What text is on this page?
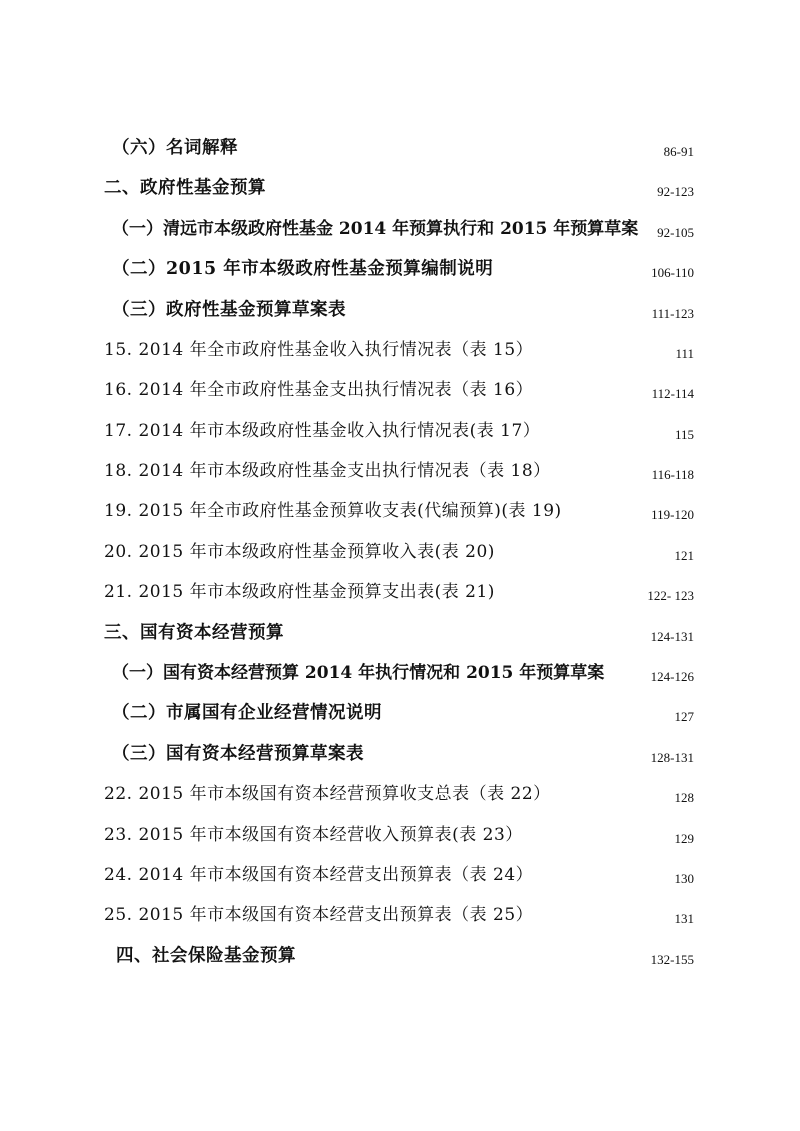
（六）名词解释	86-91
二、政府性基金预算	92-123
（一）清远市本级政府性基金 2014 年预算执行和 2015 年预算草案 92-105
（二）2015 年市本级政府性基金预算编制说明	106-110
（三）政府性基金预算草案表	111-123
15. 2014 年全市政府性基金收入执行情况表（表 15）	111
16. 2014 年全市政府性基金支出执行情况表（表 16）	112-114
17. 2014 年市本级政府性基金收入执行情况表(表 17）	115
18. 2014 年市本级政府性基金支出执行情况表（表 18）	116-118
19. 2015 年全市政府性基金预算收支表(代编预算)(表 19)	119-120
20. 2015 年市本级政府性基金预算收入表(表 20)	121
21. 2015 年市本级政府性基金预算支出表(表 21)	122- 123
三、国有资本经营预算	124-131
（一）国有资本经营预算 2014 年执行情况和 2015 年预算草案	124-126
（二）市属国有企业经营情况说明	127
（三）国有资本经营预算草案表	128-131
22. 2015 年市本级国有资本经营预算收支总表（表 22）	128
23. 2015 年市本级国有资本经营收入预算表(表 23）	129
24. 2014 年市本级国有资本经营支出预算表（表 24）	130
25. 2015 年市本级国有资本经营支出预算表（表 25）	131
四、社会保险基金预算	132-155
